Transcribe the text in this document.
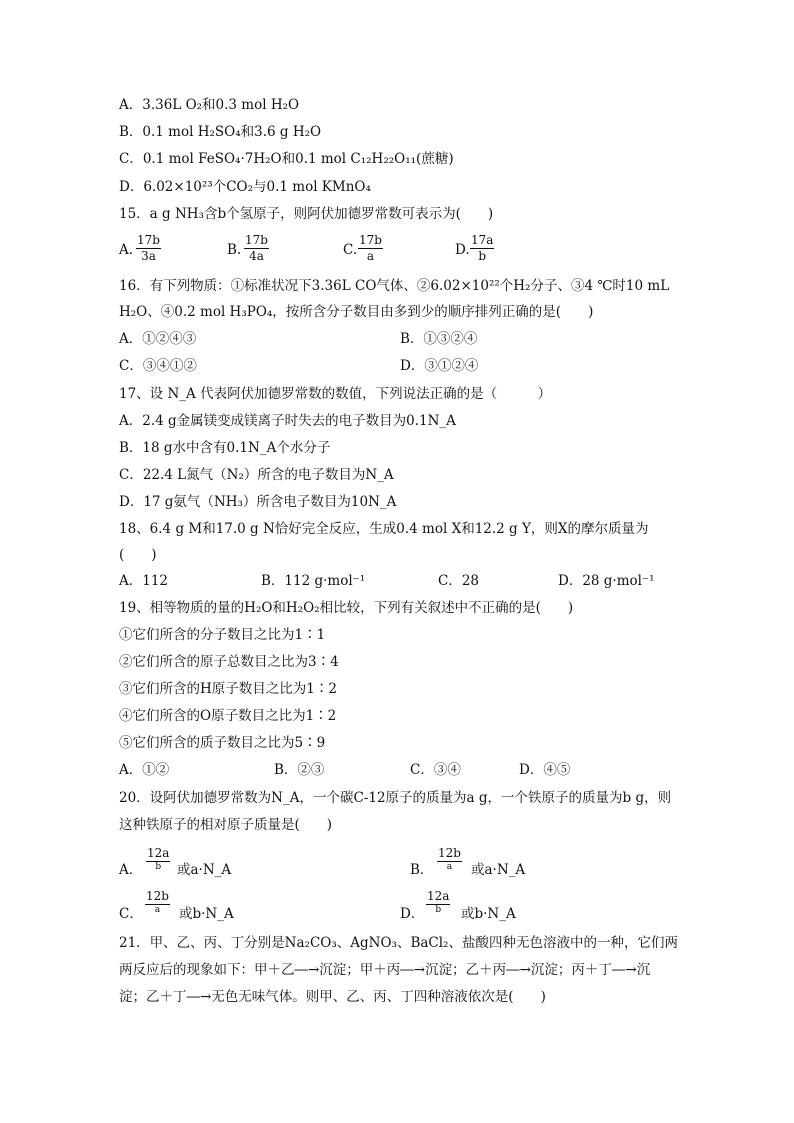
A．3.36L O₂和0.3 mol H₂O
B．0.1 mol H₂SO₄和3.6 g H₂O
C．0.1 mol FeSO₄·7H₂O和0.1 mol C₁₂H₂₂O₁₁(蔗糖)
D．6.02×10²³个CO₂与0.1 mol KMnO₄
15．a g NH₃含b个氢原子，则阿伏加德罗常数可表示为(　　)
A. $\frac{17b}{3a}$	B. $\frac{17b}{4a}$	C. $\frac{17b}{a}$	D. $\frac{17a}{b}$
16．有下列物质：①标准状况下3.36L CO气体、②6.02×10²²个H₂分子、③4 ℃时10 mL
H₂O、④0.2 mol H₃PO₄，按所含分子数目由多到少的顺序排列正确的是(　　)
A．①②④③	B．①③②④
C．③④①②	D．③①②④
17、设 N_A 代表阿伏加德罗常数的数值，下列说法正确的是（　　　）
A．2.4 g金属镁变成镁离子时失去的电子数目为0.1N_A
B．18 g水中含有0.1N_A个水分子
C．22.4 L氮气（N₂）所含的电子数目为N_A
D．17 g氨气（NH₃）所含电子数目为10N_A
18、6.4 g M和17.0 g N恰好完全反应，生成0.4 mol X和12.2 g Y，则X的摩尔质量为
(　　)
A．112	B．112 g·mol⁻¹	C．28	D．28 g·mol⁻¹
19、相等物质的量的H₂O和H₂O₂相比较，下列有关叙述中不正确的是(　　)
①它们所含的分子数目之比为1∶1
②它们所含的原子总数目之比为3∶4
③它们所含的H原子数目之比为1∶2
④它们所含的O原子数目之比为1∶2
⑤它们所含的质子数目之比为5∶9
A．①②	B．②③	C．③④	D．④⑤
20．设阿伏加德罗常数为N_A，一个碳C-12原子的质量为a g，一个铁原子的质量为b g，则
这种铁原子的相对原子质量是(　　)
A．
12a
b 或a·N_A	B．
12b
a 或a·N_A
C．
12b
a 或b·N_A	D．
12a
b 或b·N_A
21．甲、乙、丙、丁分别是Na₂CO₃、AgNO₃、BaCl₂、盐酸四种无色溶液中的一种，它们两
两反应后的现象如下：甲＋乙―→沉淀；甲＋丙―→沉淀；乙＋丙―→沉淀；丙＋丁―→沉
淀；乙＋丁―→无色无味气体。则甲、乙、丙、丁四种溶液依次是(　　)
